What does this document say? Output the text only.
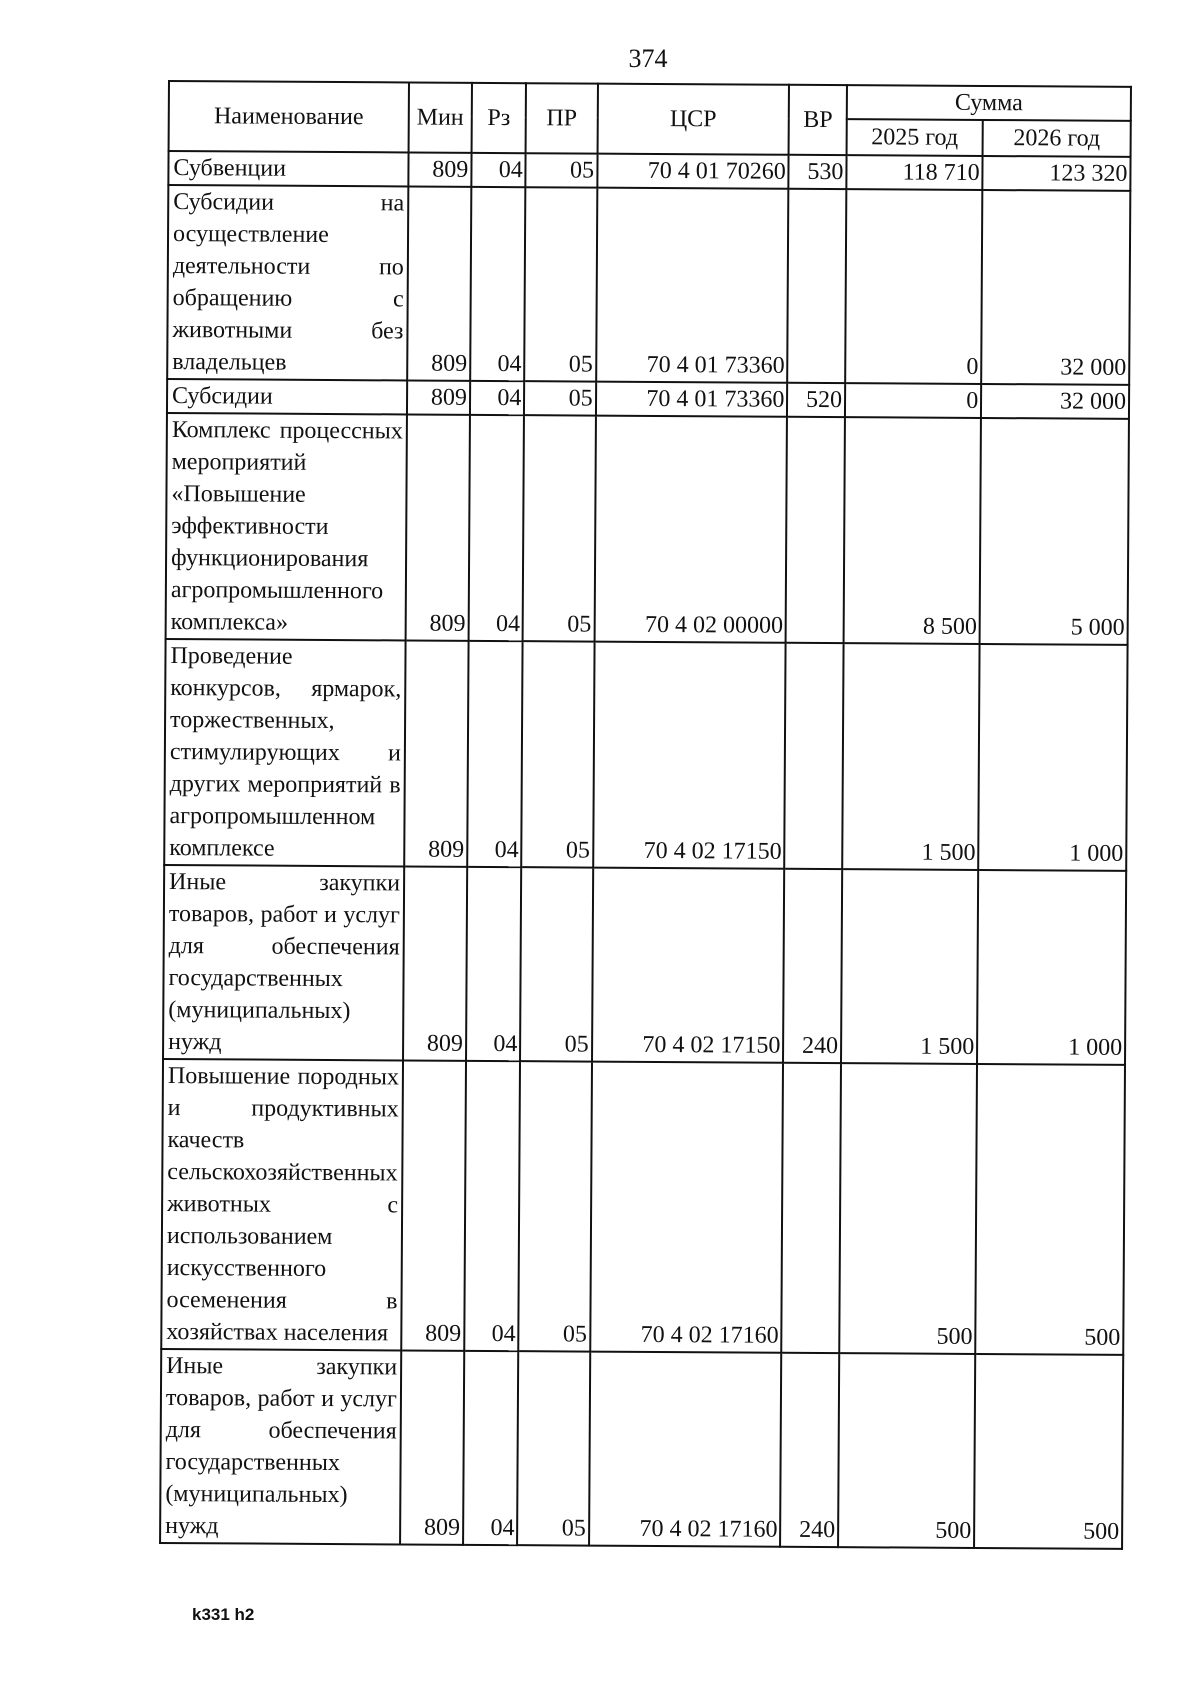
374
Наименование	Мин	Рз	ПР	ЦСР	ВР	Сумма	
						2025 год	2026 год
Субвенции	809	04	05	70 4 01 70260	530	118 710	123 320
Субсидии на осуществление деятельности по обращению с животными без владельцев	809	04	05	70 4 01 73360		0	32 000
Субсидии	809	04	05	70 4 01 73360	520	0	32 000
Комплекс процессных мероприятий «Повышение эффективности функционирования агропромышленного комплекса»	809	04	05	70 4 02 00000		8 500	5 000
Проведение конкурсов, ярмарок, торжественных, стимулирующих и других мероприятий в агропромышленном комплексе	809	04	05	70 4 02 17150		1 500	1 000
Иные закупки товаров, работ и услуг для обеспечения государственных (муниципальных) нужд	809	04	05	70 4 02 17150	240	1 500	1 000
Повышение породных и продуктивных качеств сельскохозяйственных животных с использованием искусственного осеменения в хозяйствах населения	809	04	05	70 4 02 17160		500	500
Иные закупки товаров, работ и услуг для обеспечения государственных (муниципальных) нужд	809	04	05	70 4 02 17160	240	500	500
k331 h2
